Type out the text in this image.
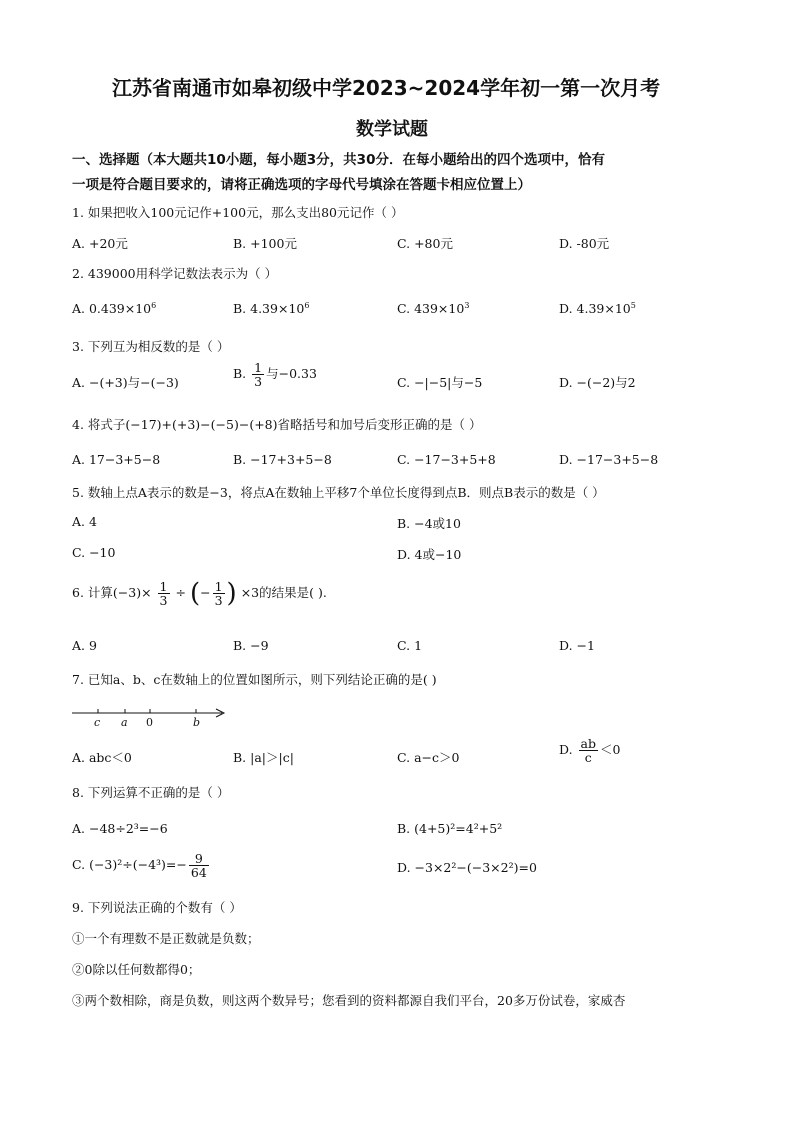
江苏省南通市如皋初级中学2023~2024学年初一第一次月考
数学试题
一、选择题（本大题共10小题，每小题3分，共30分．在每小题给出的四个选项中，恰有
一项是符合题目要求的，请将正确选项的字母代号填涂在答题卡相应位置上）
1. 如果把收入100元记作+100元，那么支出80元记作（ ）
A. +20元	B. +100元	C. +80元	D. -80元
2. 439000用科学记数法表示为（ ）
A. $0.439\times 10^6$	B. $4.39\times 10^6$	C. $439\times 10^3$	D. $4.39\times 10^5$
3. 下列互为相反数的是（ ）
A. −(+3)与−(−3)
B. $\frac{1}{3}$ 与−0.33
C. −|−5|与−5	D. −(−2)与2
4. 将式子(−17)+(+3)−(−5)−(+8)省略括号和加号后变形正确的是（ ）
A. 17−3+5−8	B. −17+3+5−8	C. −17−3+5+8	D. −17−3+5−8
5. 数轴上点A表示的数是−3，将点A在数轴上平移7个单位长度得到点B．则点B表示的数是（ ）
A. 4	B. −4或10
C. −10	D. 4或−10
6. 计算$(-3)\times \frac{1}{3}$ ÷ (− $\frac{1}{3}$ ) ×3的结果是( ).
A. 9	B. −9	C. 1	D. −1
7. 已知a、b、c在数轴上的位置如图所示，则下列结论正确的是( )
c a 0	b
A. abc＜0	B. |a|＞|c|	C. a−c＞0
D. $\frac{ab}{c} <0$
8. 下列运算不正确的是（ ）
A. −48÷2³=−6	B. (4+5)²=4²+5²
C. $(-3)^2\div(-4^3)=- \frac{9}{64}$	D. −3×2²−(−3×2²)=0
9. 下列说法正确的个数有（ ）
①一个有理数不是正数就是负数；
②0除以任何数都得0；
③两个数相除，商是负数，则这两个数异号；您看到的资料都源自我们平台，20多万份试卷，家威杏
